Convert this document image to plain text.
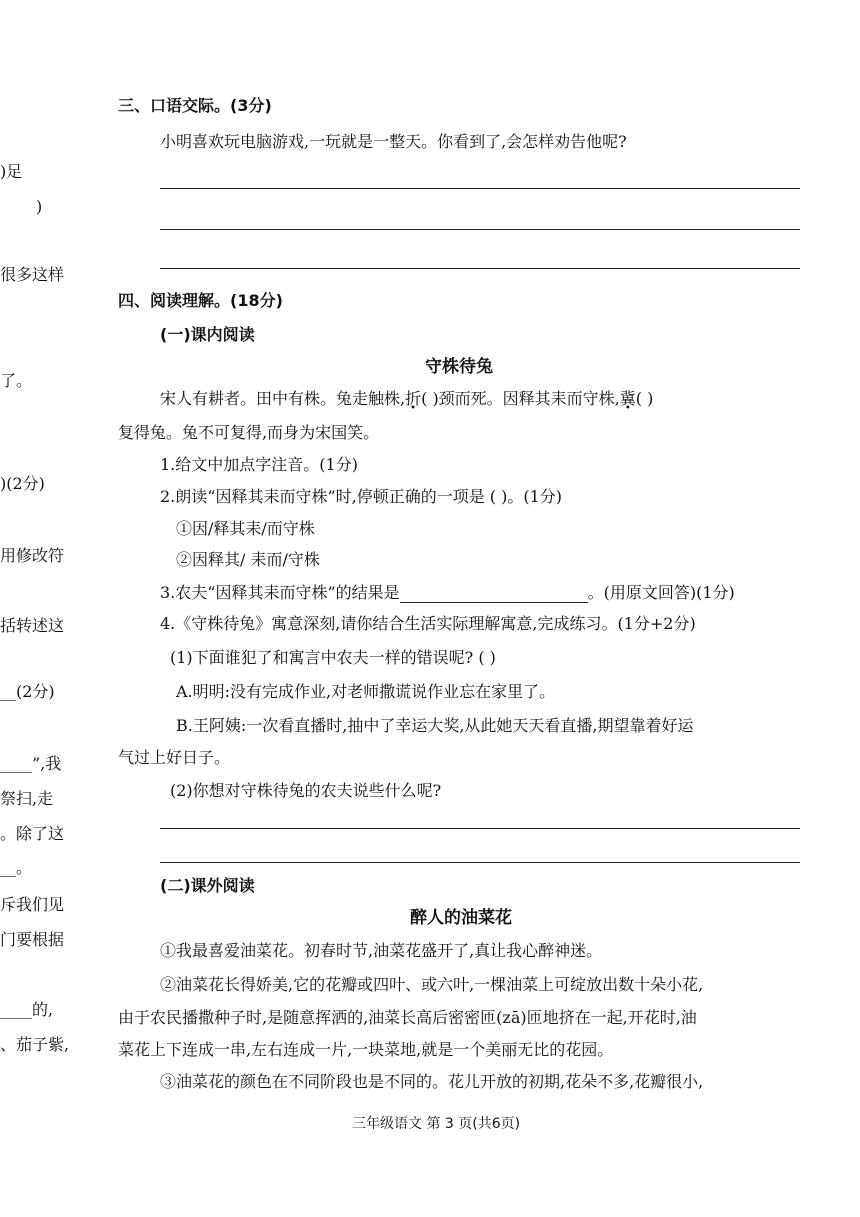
)足
)
很多这样
了。
)(2分)
用修改符
括转述这
__(2分)
____”,我
祭扫,走
。除了这
__。
斥我们见
门要根据
____的,
、茄子紫,
三、口语交际。(3分)
小明喜欢玩电脑游戏,一玩就是一整天。你看到了,会怎样劝告他呢?
四、阅读理解。(18分)
(一)课内阅读
守株待兔
宋人有耕者。田中有株。兔走触株,折( )颈而死。因释其耒而守株,冀( )
复得兔。兔不可复得,而身为宋国笑。
1.给文中加点字注音。(1分)
2.朗读“因释其耒而守株”时,停顿正确的一项是 ( )。(1分)
①因/释其耒/而守株
②因释其/ 耒而/守株
3.农夫“因释其耒而守株”的结果是	。(用原文回答)(1分)
4.《守株待兔》寓意深刻,请你结合生活实际理解寓意,完成练习。(1分+2分)
(1)下面谁犯了和寓言中农夫一样的错误呢? ( )
A.明明:没有完成作业,对老师撒谎说作业忘在家里了。
B.王阿姨:一次看直播时,抽中了幸运大奖,从此她天天看直播,期望靠着好运
气过上好日子。
(2)你想对守株待兔的农夫说些什么呢?
(二)课外阅读
醉人的油菜花
①我最喜爱油菜花。初春时节,油菜花盛开了,真让我心醉神迷。
②油菜花长得娇美,它的花瓣或四叶、或六叶,一棵油菜上可绽放出数十朵小花,
由于农民播撒种子时,是随意挥洒的,油菜长高后密密匝(zā)匝地挤在一起,开花时,油
菜花上下连成一串,左右连成一片,一块菜地,就是一个美丽无比的花园。
③油菜花的颜色在不同阶段也是不同的。花儿开放的初期,花朵不多,花瓣很小,
三年级语文 第 3 页(共6页)
